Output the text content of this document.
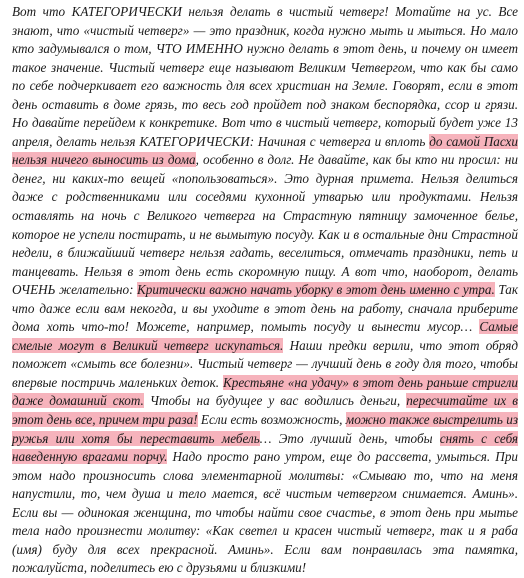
Вот что КАТЕГОРИЧЕСКИ нельзя делать в чистый четверг! Мотайте на ус. Все знают, что «чистый четверг» — это праздник, когда нужно мыть и мыться. Но мало кто задумывался о том, ЧТО ИМЕННО нужно делать в этот день, и почему он имеет такое значение. Чистый четверг еще называют Великим Четвергом, что как бы само по себе подчеркивает его важность для всех христиан на Земле. Говорят, если в этот день оставить в доме грязь, то весь год пройдет под знаком беспорядка, ссор и грязи. Но давайте перейдем к конкретике. Вот что в чистый четверг, который будет уже 13 апреля, делать нельзя КАТЕГОРИЧЕСКИ: Начиная с четверга и вплоть до самой Пасхи нельзя ничего выносить из дома, особенно в долг. Не давайте, как бы кто ни просил: ни денег, ни каких-то вещей «попользоваться». Это дурная примета. Нельзя делиться даже с родственниками или соседями кухонной утварью или продуктами. Нельзя оставлять на ночь с Великого четверга на Страстную пятницу замоченное белье, которое не успели постирать, и не вымытую посуду. Как и в остальные дни Страстной недели, в ближайший четверг нельзя гадать, веселиться, отмечать праздники, петь и танцевать. Нельзя в этот день есть скоромную пищу. А вот что, наоборот, делать ОЧЕНЬ желательно: Критически важно начать уборку в этот день именно с утра. Так что даже если вам некогда, и вы уходите в этот день на работу, сначала приберите дома хоть что-то! Можете, например, помыть посуду и вынести мусор… Самые смелые могут в Великий четверг искупаться. Наши предки верили, что этот обряд поможет «смыть все болезни». Чистый четверг — лучший день в году для того, чтобы впервые постричь маленьких деток. Крестьяне «на удачу» в этот день раньше стригли даже домашний скот. Чтобы на будущее у вас водились деньги, пересчитайте их в этот день все, причем три раза! Если есть возможность, можно также выстрелить из ружья или хотя бы переставить мебель… Это лучший день, чтобы снять с себя наведенную врагами порчу. Надо просто рано утром, еще до рассвета, умыться. При этом надо произносить слова элементарной молитвы: «Смываю то, что на меня напустили, то, чем душа и тело мается, всё чистым четвергом снимается. Аминь». Если вы — одинокая женщина, то чтобы найти свое счастье, в этот день при мытье тела надо произнести молитву: «Как светел и красен чистый четверг, так и я раба (имя) буду для всех прекрасной. Аминь». Если вам понравилась эта памятка, пожалуйста, поделитесь ею с друзьями и близкими!
